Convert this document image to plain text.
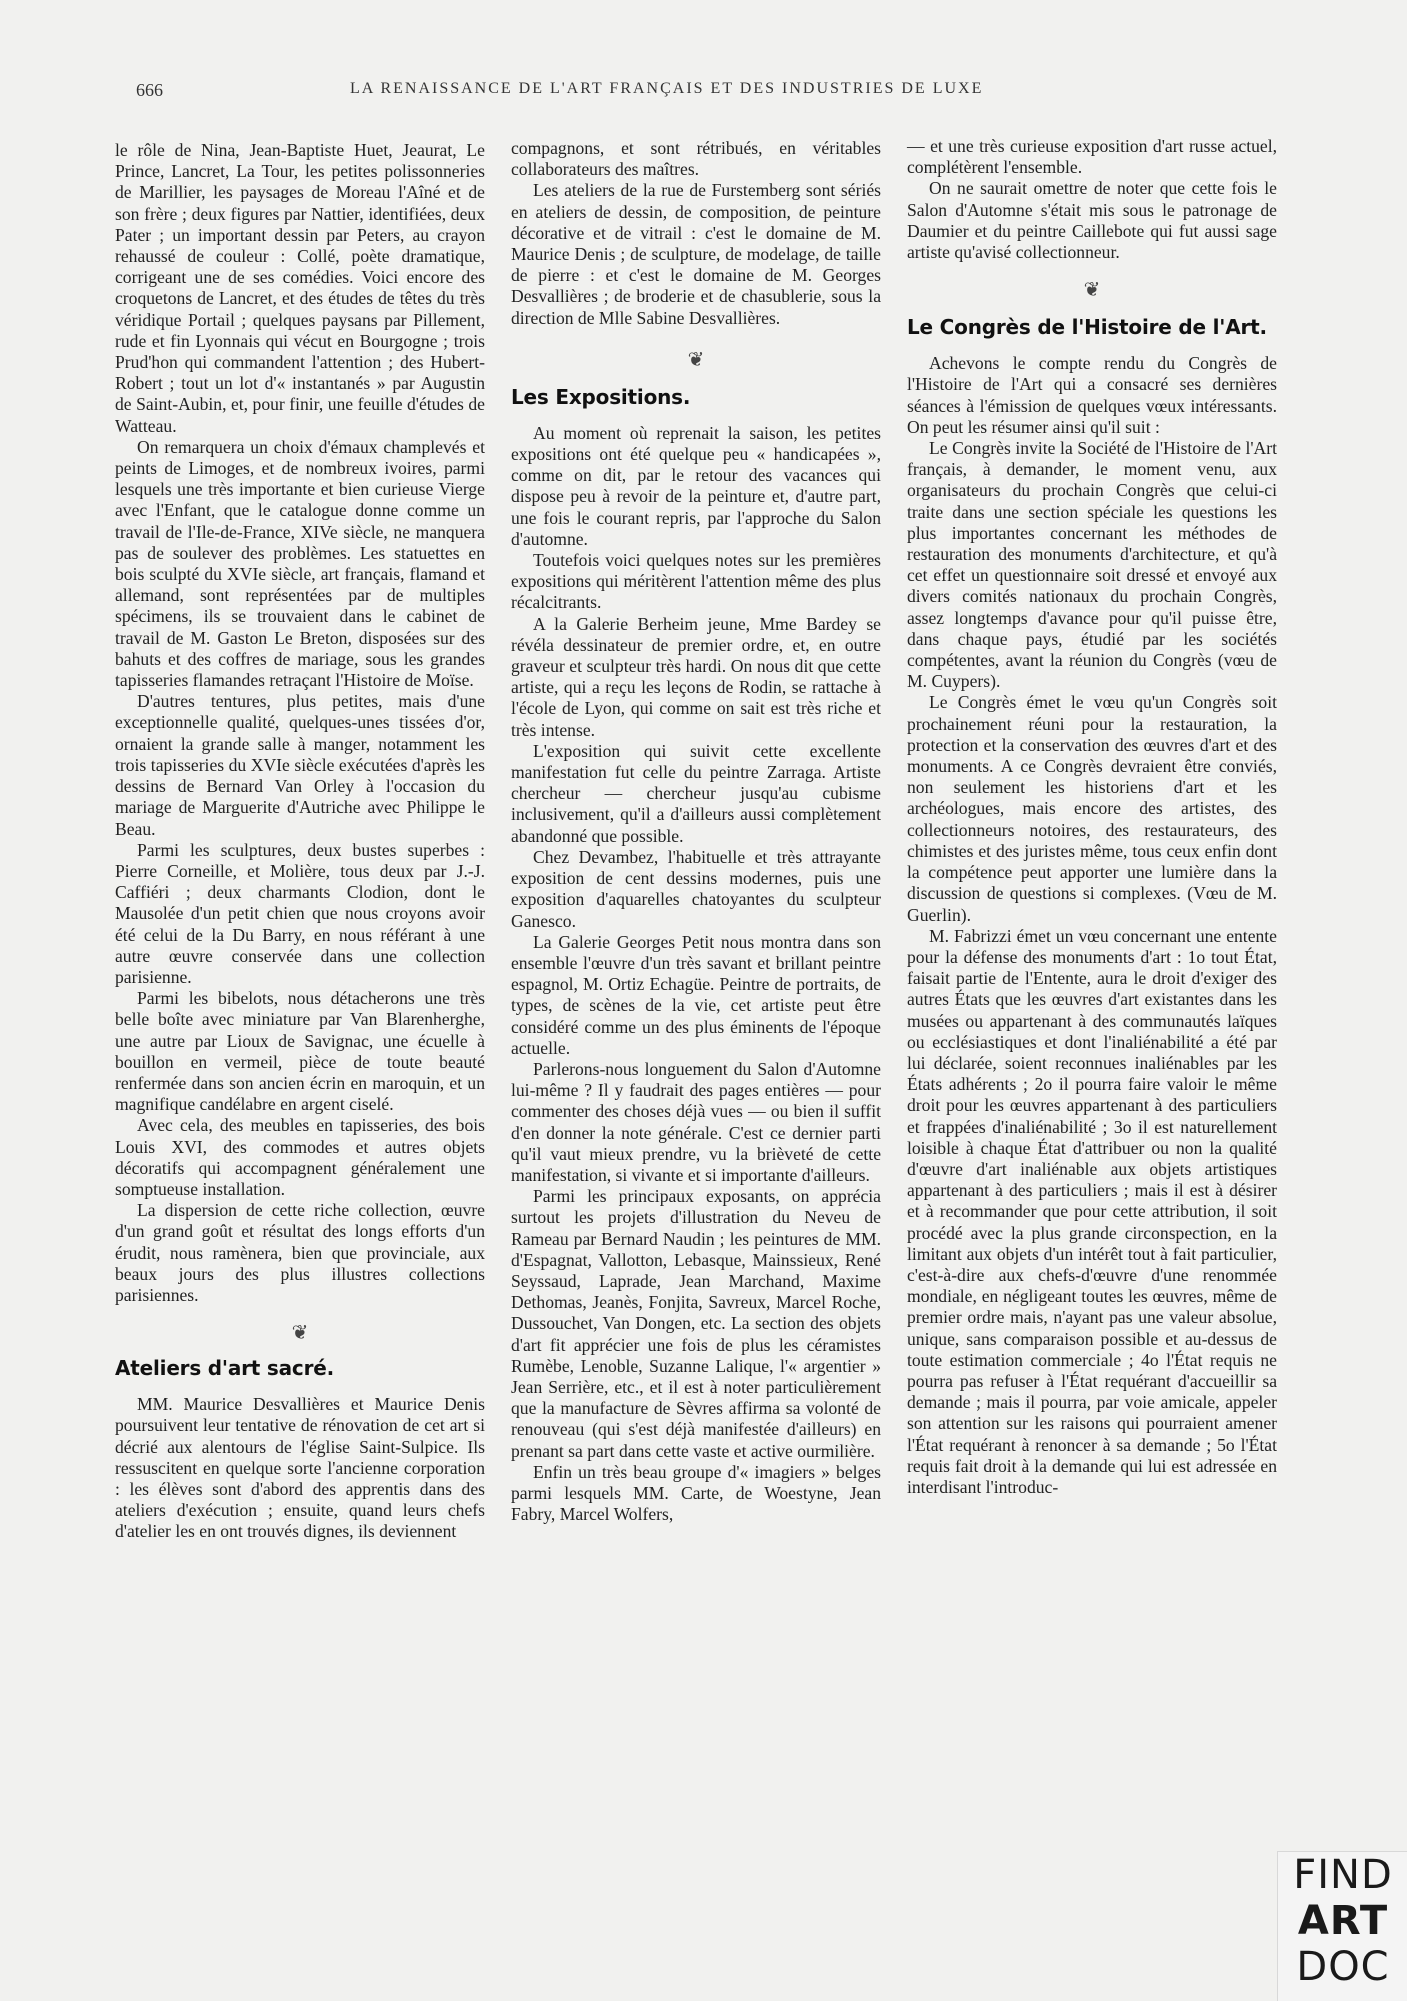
666	LA RENAISSANCE DE L'ART FRANÇAIS ET DES INDUSTRIES DE LUXE

le rôle de Nina, Jean-Baptiste Huet, Jeaurat, Le Prince, Lancret, La Tour, les petites polissonneries de Marillier, les paysages de Moreau l'Aîné et de son frère ; deux figures par Nattier, identifiées, deux Pater ; un important dessin par Peters, au crayon rehaussé de couleur : Collé, poète dramatique, corrigeant une de ses comédies. Voici encore des croquetons de Lancret, et des études de têtes du très véridique Portail ; quelques paysans par Pillement, rude et fin Lyonnais qui vécut en Bourgogne ; trois Prud'hon qui commandent l'attention ; des Hubert-Robert ; tout un lot d'« instantanés » par Augustin de Saint-Aubin, et, pour finir, une feuille d'études de Watteau.

On remarquera un choix d'émaux champlevés et peints de Limoges, et de nombreux ivoires, parmi lesquels une très importante et bien curieuse Vierge avec l'Enfant, que le catalogue donne comme un travail de l'Ile-de-France, XIVe siècle, ne manquera pas de soulever des problèmes. Les statuettes en bois sculpté du XVIe siècle, art français, flamand et allemand, sont représentées par de multiples spécimens, ils se trouvaient dans le cabinet de travail de M. Gaston Le Breton, disposées sur des bahuts et des coffres de mariage, sous les grandes tapisseries flamandes retraçant l'Histoire de Moïse.

D'autres tentures, plus petites, mais d'une exceptionnelle qualité, quelques-unes tissées d'or, ornaient la grande salle à manger, notamment les trois tapisseries du XVIe siècle exécutées d'après les dessins de Bernard Van Orley à l'occasion du mariage de Marguerite d'Autriche avec Philippe le Beau.

Parmi les sculptures, deux bustes superbes : Pierre Corneille, et Molière, tous deux par J.-J. Caffiéri ; deux charmants Clodion, dont le Mausolée d'un petit chien que nous croyons avoir été celui de la Du Barry, en nous référant à une autre œuvre conservée dans une collection parisienne.

Parmi les bibelots, nous détacherons une très belle boîte avec miniature par Van Blarenherghe, une autre par Lioux de Savignac, une écuelle à bouillon en vermeil, pièce de toute beauté renfermée dans son ancien écrin en maroquin, et un magnifique candélabre en argent ciselé.

Avec cela, des meubles en tapisseries, des bois Louis XVI, des commodes et autres objets décoratifs qui accompagnent généralement une somptueuse installation.

La dispersion de cette riche collection, œuvre d'un grand goût et résultat des longs efforts d'un érudit, nous ramènera, bien que provinciale, aux beaux jours des plus illustres collections parisiennes.

❦
Ateliers d'art sacré.

MM. Maurice Desvallières et Maurice Denis poursuivent leur tentative de rénovation de cet art si décrié aux alentours de l'église Saint-Sulpice. Ils ressuscitent en quelque sorte l'ancienne corporation : les élèves sont d'abord des apprentis dans des ateliers d'exécution ; ensuite, quand leurs chefs d'atelier les en ont trouvés dignes, ils deviennent

compagnons, et sont rétribués, en véritables collaborateurs des maîtres.

Les ateliers de la rue de Furstemberg sont sériés en ateliers de dessin, de composition, de peinture décorative et de vitrail : c'est le domaine de M. Maurice Denis ; de sculpture, de modelage, de taille de pierre : et c'est le domaine de M. Georges Desvallières ; de broderie et de chasublerie, sous la direction de Mlle Sabine Desvallières.

❦
Les Expositions.

Au moment où reprenait la saison, les petites expositions ont été quelque peu « handicapées », comme on dit, par le retour des vacances qui dispose peu à revoir de la peinture et, d'autre part, une fois le courant repris, par l'approche du Salon d'automne.

Toutefois voici quelques notes sur les premières expositions qui méritèrent l'attention même des plus récalcitrants.

A la Galerie Berheim jeune, Mme Bardey se révéla dessinateur de premier ordre, et, en outre graveur et sculpteur très hardi. On nous dit que cette artiste, qui a reçu les leçons de Rodin, se rattache à l'école de Lyon, qui comme on sait est très riche et très intense.

L'exposition qui suivit cette excellente manifestation fut celle du peintre Zarraga. Artiste chercheur — chercheur jusqu'au cubisme inclusivement, qu'il a d'ailleurs aussi complètement abandonné que possible.

Chez Devambez, l'habituelle et très attrayante exposition de cent dessins modernes, puis une exposition d'aquarelles chatoyantes du sculpteur Ganesco.

La Galerie Georges Petit nous montra dans son ensemble l'œuvre d'un très savant et brillant peintre espagnol, M. Ortiz Echagüe. Peintre de portraits, de types, de scènes de la vie, cet artiste peut être considéré comme un des plus éminents de l'époque actuelle.

Parlerons-nous longuement du Salon d'Automne lui-même ? Il y faudrait des pages entières — pour commenter des choses déjà vues — ou bien il suffit d'en donner la note générale. C'est ce dernier parti qu'il vaut mieux prendre, vu la brièveté de cette manifestation, si vivante et si importante d'ailleurs.

Parmi les principaux exposants, on apprécia surtout les projets d'illustration du Neveu de Rameau par Bernard Naudin ; les peintures de MM. d'Espagnat, Vallotton, Lebasque, Mainssieux, René Seyssaud, Laprade, Jean Marchand, Maxime Dethomas, Jeanès, Fonjita, Savreux, Marcel Roche, Dussouchet, Van Dongen, etc. La section des objets d'art fit apprécier une fois de plus les céramistes Rumèbe, Lenoble, Suzanne Lalique, l'« argentier » Jean Serrière, etc., et il est à noter particulièrement que la manufacture de Sèvres affirma sa volonté de renouveau (qui s'est déjà manifestée d'ailleurs) en prenant sa part dans cette vaste et active ourmilière.

Enfin un très beau groupe d'« imagiers » belges parmi lesquels MM. Carte, de Woestyne, Jean Fabry, Marcel Wolfers,

— et une très curieuse exposition d'art russe actuel, complétèrent l'ensemble.

On ne saurait omettre de noter que cette fois le Salon d'Automne s'était mis sous le patronage de Daumier et du peintre Caillebote qui fut aussi sage artiste qu'avisé collectionneur.

❦
Le Congrès de l'Histoire de l'Art.

Achevons le compte rendu du Congrès de l'Histoire de l'Art qui a consacré ses dernières séances à l'émission de quelques vœux intéressants. On peut les résumer ainsi qu'il suit :

Le Congrès invite la Société de l'Histoire de l'Art français, à demander, le moment venu, aux organisateurs du prochain Congrès que celui-ci traite dans une section spéciale les questions les plus importantes concernant les méthodes de restauration des monuments d'architecture, et qu'à cet effet un questionnaire soit dressé et envoyé aux divers comités nationaux du prochain Congrès, assez longtemps d'avance pour qu'il puisse être, dans chaque pays, étudié par les sociétés compétentes, avant la réunion du Congrès (vœu de M. Cuypers).

Le Congrès émet le vœu qu'un Congrès soit prochainement réuni pour la restauration, la protection et la conservation des œuvres d'art et des monuments. A ce Congrès devraient être conviés, non seulement les historiens d'art et les archéologues, mais encore des artistes, des collectionneurs notoires, des restaurateurs, des chimistes et des juristes même, tous ceux enfin dont la compétence peut apporter une lumière dans la discussion de questions si complexes. (Vœu de M. Guerlin).

M. Fabrizzi émet un vœu concernant une entente pour la défense des monuments d'art : 1o tout État, faisait partie de l'Entente, aura le droit d'exiger des autres États que les œuvres d'art existantes dans les musées ou appartenant à des communautés laïques ou ecclésiastiques et dont l'inaliénabilité a été par lui déclarée, soient reconnues inaliénables par les États adhérents ; 2o il pourra faire valoir le même droit pour les œuvres appartenant à des particuliers et frappées d'inaliénabilité ; 3o il est naturellement loisible à chaque État d'attribuer ou non la qualité d'œuvre d'art inaliénable aux objets artistiques appartenant à des particuliers ; mais il est à désirer et à recommander que pour cette attribution, il soit procédé avec la plus grande circonspection, en la limitant aux objets d'un intérêt tout à fait particulier, c'est-à-dire aux chefs-d'œuvre d'une renommée mondiale, en négligeant toutes les œuvres, même de premier ordre mais, n'ayant pas une valeur absolue, unique, sans comparaison possible et au-dessus de toute estimation commerciale ; 4o l'État requis ne pourra pas refuser à l'État requérant d'accueillir sa demande ; mais il pourra, par voie amicale, appeler son attention sur les raisons qui pourraient amener l'État requérant à renoncer à sa demande ; 5o l'État requis fait droit à la demande qui lui est adressée en interdisant l'introduc-

FIND
ART
DOC
